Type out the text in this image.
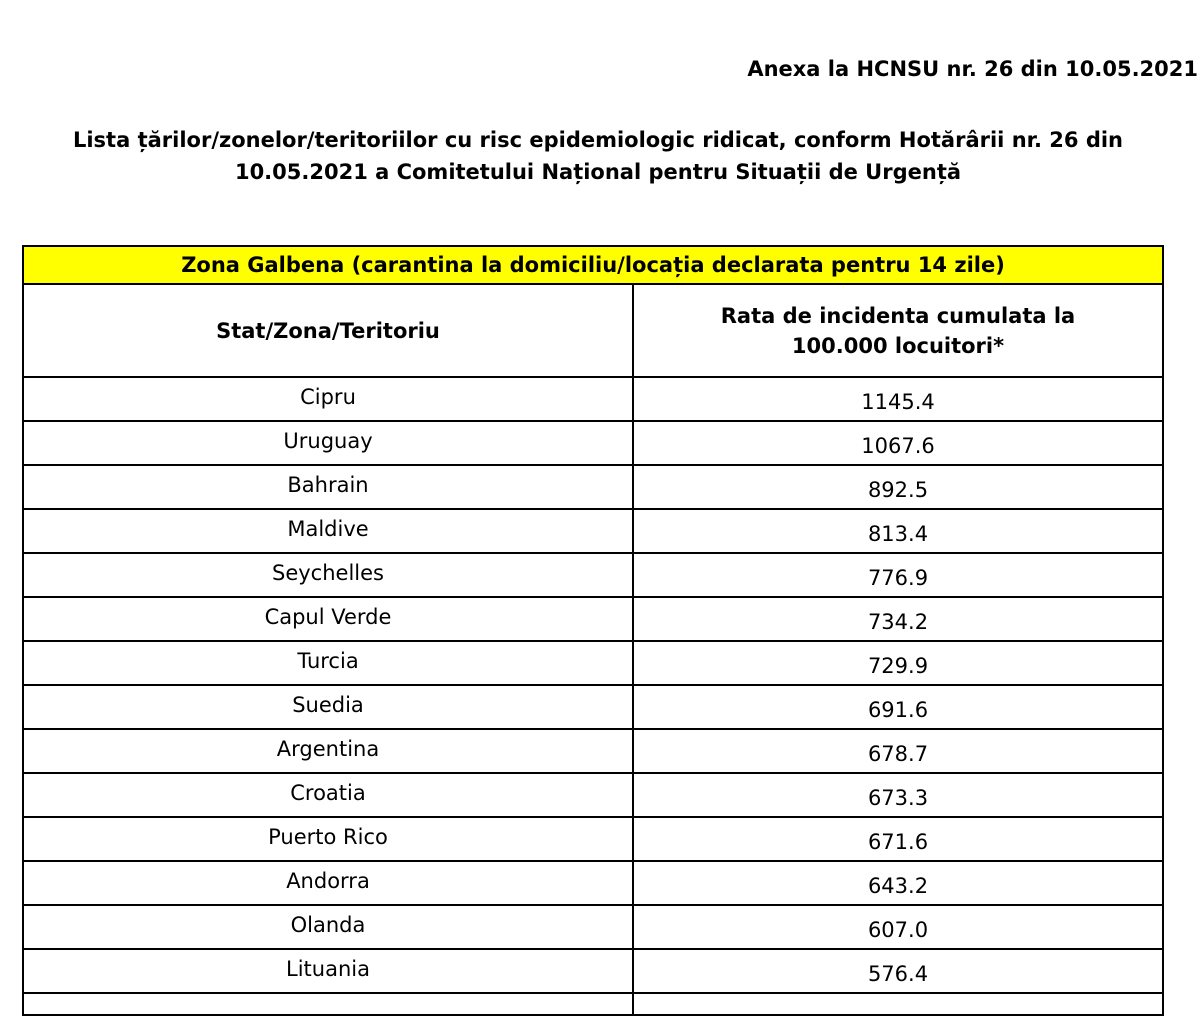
Anexa la HCNSU nr. 26 din 10.05.2021
Lista țărilor/zonelor/teritoriilor cu risc epidemiologic ridicat, conform Hotărârii nr. 26 din
10.05.2021 a Comitetului Național pentru Situații de Urgență
Zona Galbena (carantina la domiciliu/locația declarata pentru 14 zile)	
Stat/Zona/Teritoriu	Rata de incidenta cumulata la
100.000 locuitori*

Cipru	1145.4
Uruguay	1067.6
Bahrain	892.5
Maldive	813.4
Seychelles	776.9
Capul Verde	734.2
Turcia	729.9
Suedia	691.6
Argentina	678.7
Croatia	673.3
Puerto Rico	671.6
Andorra	643.2
Olanda	607.0
Lituania	576.4
